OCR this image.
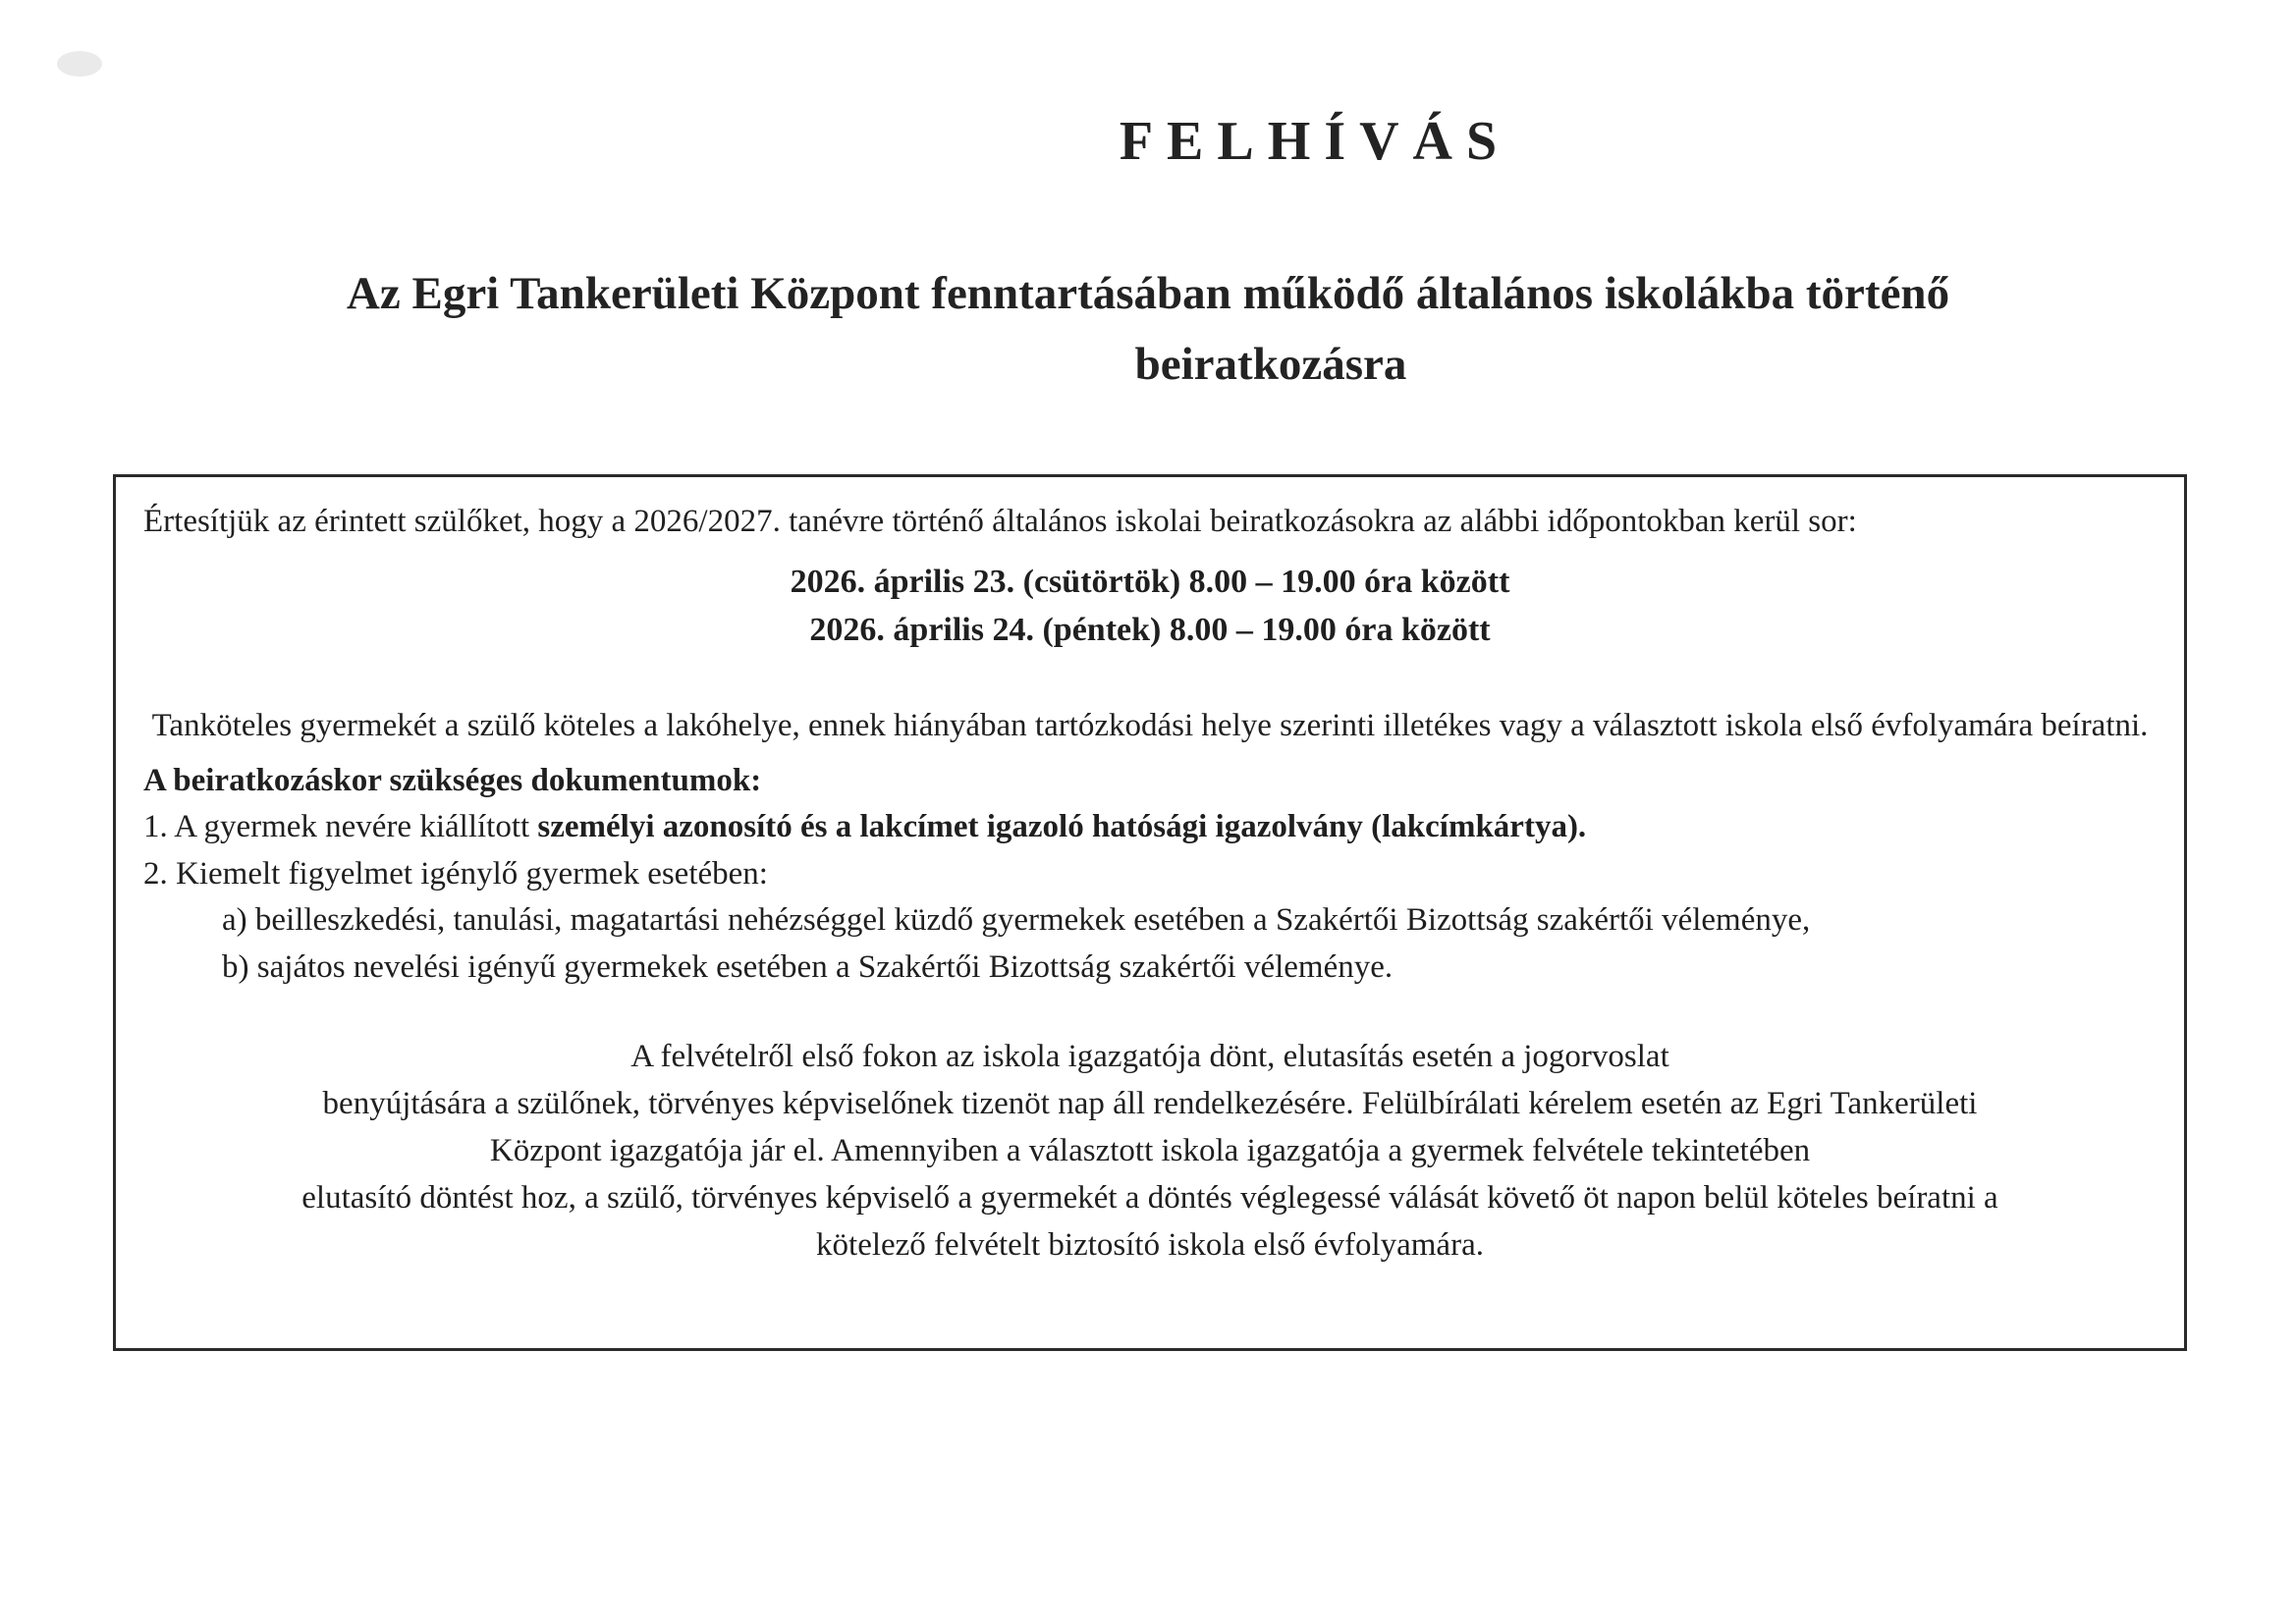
FELHÍVÁS
Az Egri Tankerületi Központ fenntartásában működő általános iskolákba történő
beiratkozásra
Értesítjük az érintett szülőket, hogy a 2026/2027. tanévre történő általános iskolai beiratkozásokra az alábbi időpontokban kerül sor:
2026. április 23. (csütörtök) 8.00 – 19.00 óra között
2026. április 24. (péntek) 8.00 – 19.00 óra között
Tanköteles gyermekét a szülő köteles a lakóhelye, ennek hiányában tartózkodási helye szerinti illetékes vagy a választott iskola első évfolyamára beíratni.
A beiratkozáskor szükséges dokumentumok:
1. A gyermek nevére kiállított személyi azonosító és a lakcímet igazoló hatósági igazolvány (lakcímkártya).
2. Kiemelt figyelmet igénylő gyermek esetében:
a) beilleszkedési, tanulási, magatartási nehézséggel küzdő gyermekek esetében a Szakértői Bizottság szakértői véleménye,
b) sajátos nevelési igényű gyermekek esetében a Szakértői Bizottság szakértői véleménye.
A felvételről első fokon az iskola igazgatója dönt, elutasítás esetén a jogorvoslat
benyújtására a szülőnek, törvényes képviselőnek tizenöt nap áll rendelkezésére. Felülbírálati kérelem esetén az Egri Tankerületi
Központ igazgatója jár el. Amennyiben a választott iskola igazgatója a gyermek felvétele tekintetében
elutasító döntést hoz, a szülő, törvényes képviselő a gyermekét a döntés véglegessé válását követő öt napon belül köteles beíratni a
kötelező felvételt biztosító iskola első évfolyamára.
